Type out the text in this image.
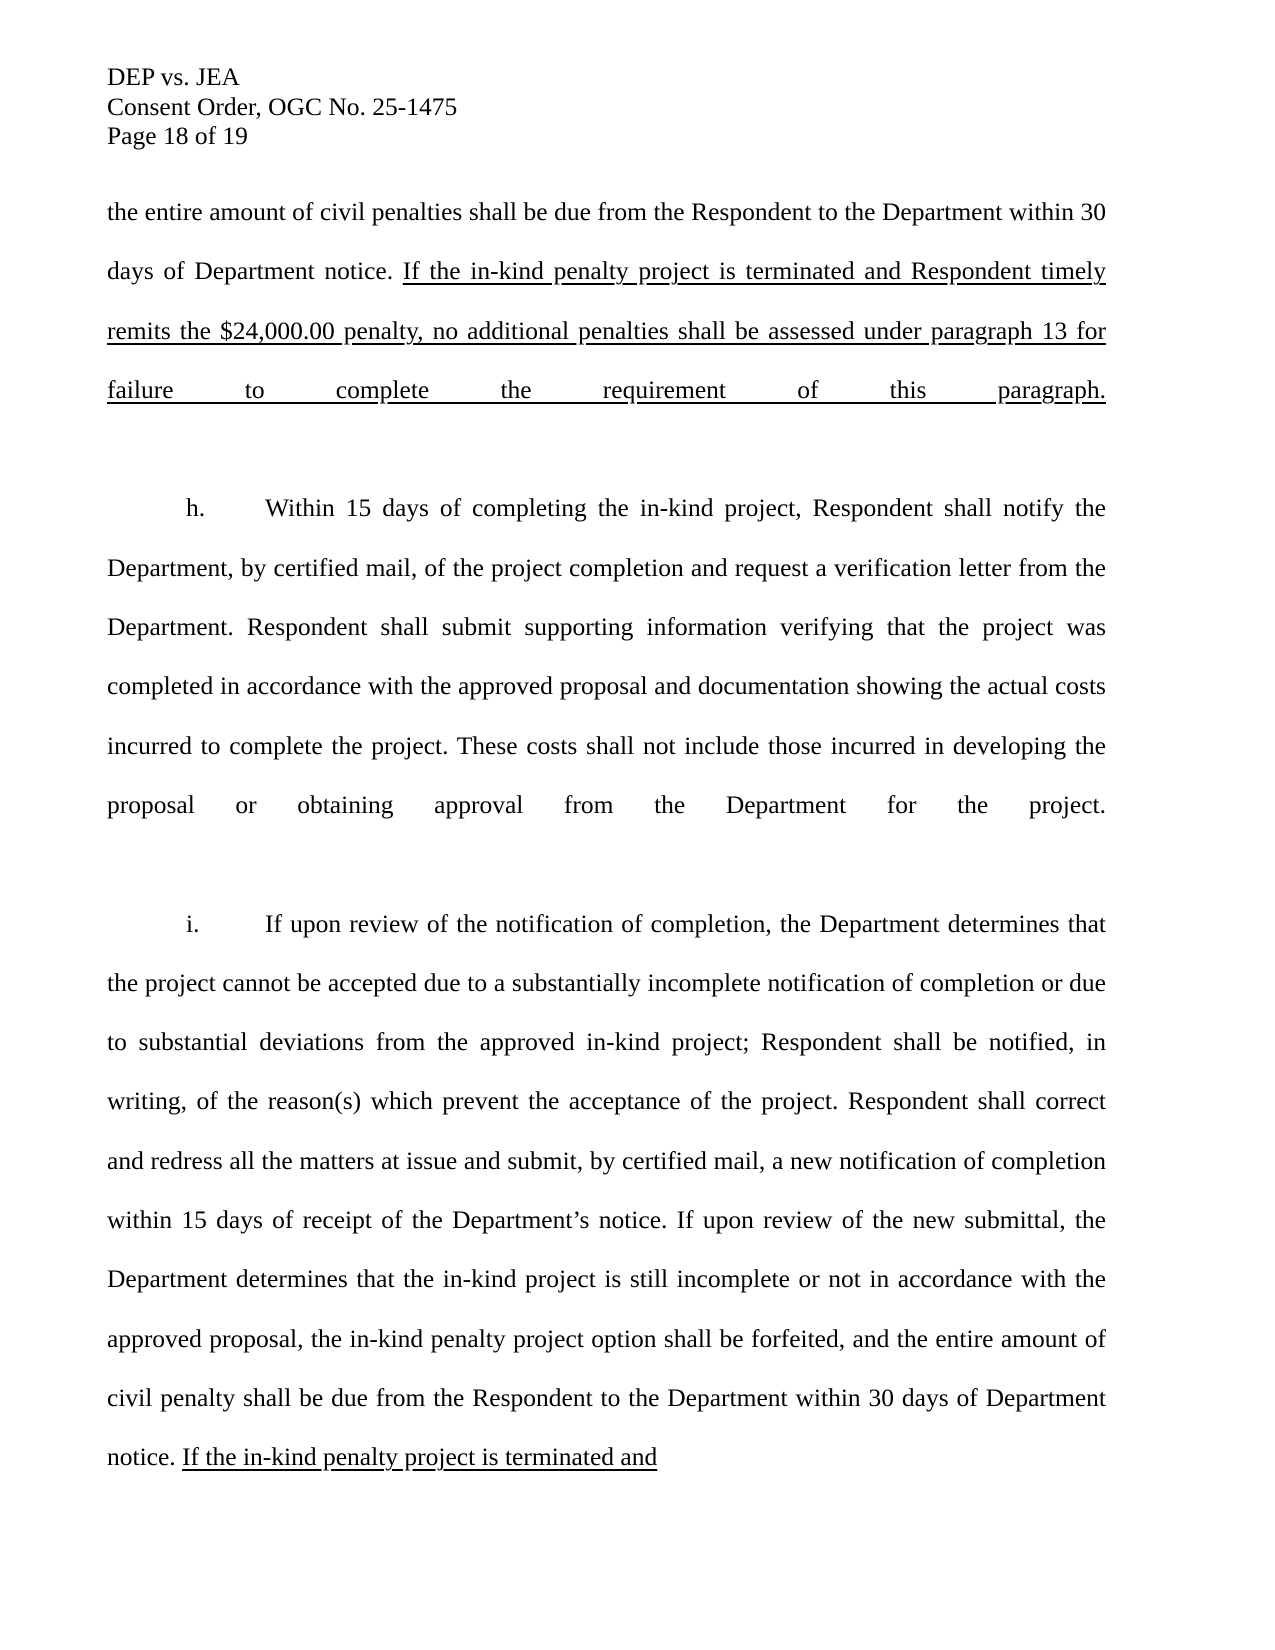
DEP vs. JEA
Consent Order, OGC No. 25-1475
Page 18 of 19

the entire amount of civil penalties shall be due from the Respondent to the Department within 30 days of Department notice. If the in-kind penalty project is terminated and Respondent timely remits the $24,000.00 penalty, no additional penalties shall be assessed under paragraph 13 for failure to complete the requirement of this paragraph.

h. Within 15 days of completing the in-kind project, Respondent shall notify the Department, by certified mail, of the project completion and request a verification letter from the Department. Respondent shall submit supporting information verifying that the project was completed in accordance with the approved proposal and documentation showing the actual costs incurred to complete the project. These costs shall not include those incurred in developing the proposal or obtaining approval from the Department for the project.

i.	If upon review of the notification of completion, the Department determines that the project cannot be accepted due to a substantially incomplete notification of completion or due to substantial deviations from the approved in-kind project; Respondent shall be notified, in writing, of the reason(s) which prevent the acceptance of the project. Respondent shall correct and redress all the matters at issue and submit, by certified mail, a new notification of completion within 15 days of receipt of the Department’s notice. If upon review of the new submittal, the Department determines that the in-kind project is still incomplete or not in accordance with the approved proposal, the in-kind penalty project option shall be forfeited, and the entire amount of civil penalty shall be due from the Respondent to the Department within 30 days of Department notice. If the in-kind penalty project is terminated and
